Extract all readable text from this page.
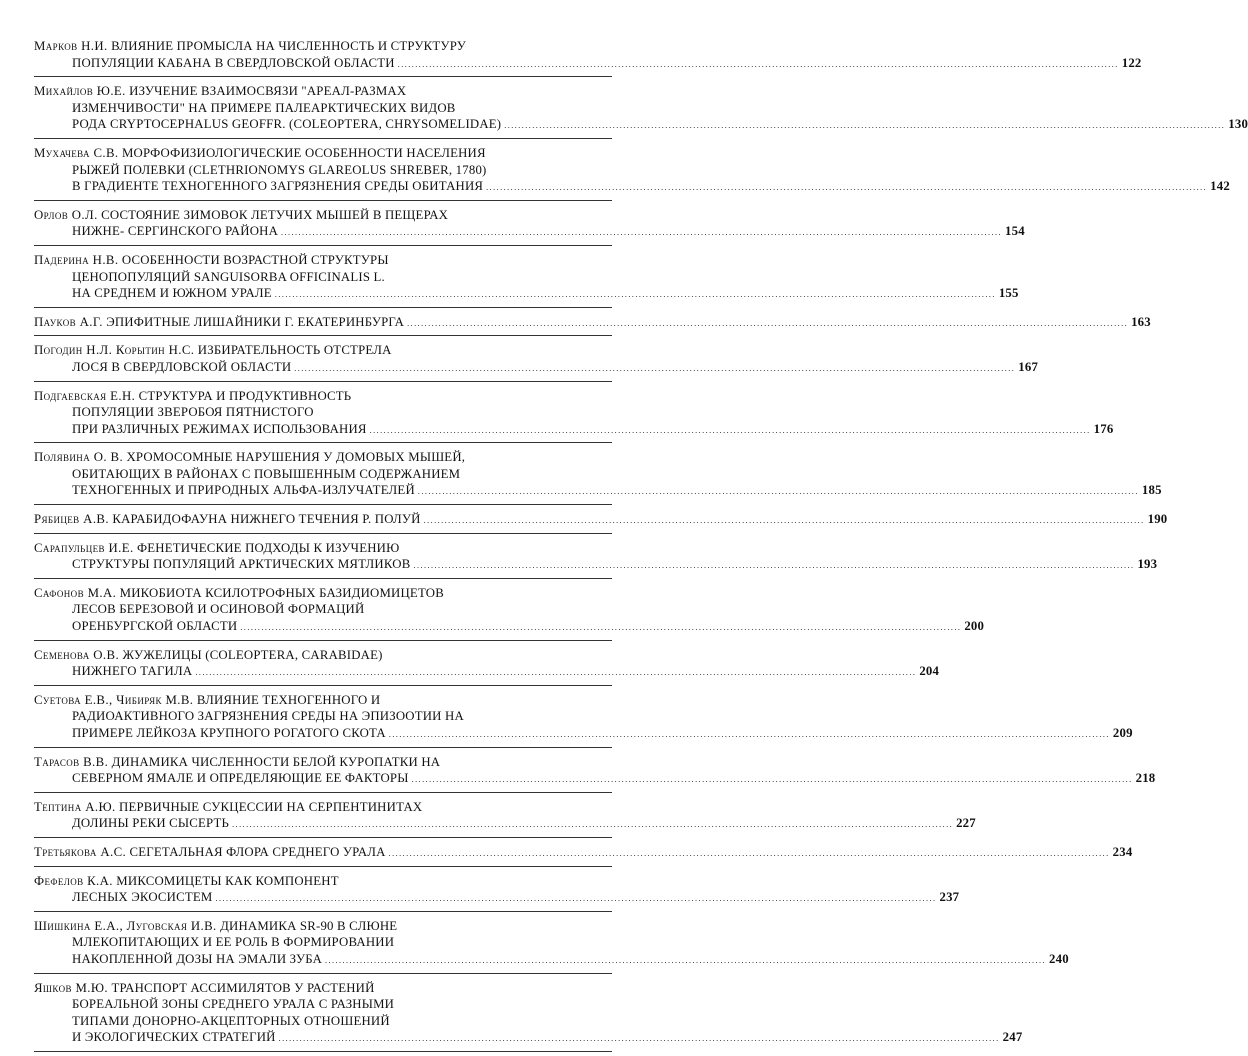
Марков Н.И. ВЛИЯНИЕ ПРОМЫСЛА НА ЧИСЛЕННОСТЬ И СТРУКТУРУ
ПОПУЛЯЦИИ КАБАНА В СВЕРДЛОВСКОЙ ОБЛАСТИ .....	122
Михайлов Ю.Е. ИЗУЧЕНИЕ ВЗАИМОСВЯЗИ "АРЕАЛ-РАЗМАХ
ИЗМЕНЧИВОСТИ" НА ПРИМЕРЕ ПАЛЕАРКТИЧЕСКИХ ВИДОВ
РОДА CRYPTOCEPHALUS GEOFFR. (COLEOPTERA, CHRYSOMELIDAE) .....	130
Мухачева С.В. МОРФОФИЗИОЛОГИЧЕСКИЕ ОСОБЕННОСТИ НАСЕЛЕНИЯ
РЫЖЕЙ ПОЛЕВКИ (CLETHRIONOMYS GLAREOLUS SHREBER, 1780)
В ГРАДИЕНТЕ ТЕХНОГЕННОГО ЗАГРЯЗНЕНИЯ СРЕДЫ ОБИТАНИЯ .....	142
Орлов О.Л. СОСТОЯНИЕ ЗИМОВОК ЛЕТУЧИХ МЫШЕЙ В ПЕЩЕРАХ
НИЖНЕ- СЕРГИНСКОГО РАЙОНА .....	154
Падерина Н.В. ОСОБЕННОСТИ ВОЗРАСТНОЙ СТРУКТУРЫ
ЦЕНОПОПУЛЯЦИЙ SANGUISORBA OFFICINALIS L.
НА СРЕДНЕМ И ЮЖНОМ УРАЛЕ .....	155
Пауков А.Г. ЭПИФИТНЫЕ ЛИШАЙНИКИ Г. ЕКАТЕРИНБУРГА .....	163
Погодин Н.Л. Корытин Н.С. ИЗБИРАТЕЛЬНОСТЬ ОТСТРЕЛА
ЛОСЯ В СВЕРДЛОВСКОЙ ОБЛАСТИ .....	167
Подгаевская Е.Н. СТРУКТУРА И ПРОДУКТИВНОСТЬ
ПОПУЛЯЦИИ ЗВЕРОБОЯ ПЯТНИСТОГО
ПРИ РАЗЛИЧНЫХ РЕЖИМАХ ИСПОЛЬЗОВАНИЯ .....	176
Полявина О. В. ХРОМОСОМНЫЕ НАРУШЕНИЯ У ДОМОВЫХ МЫШЕЙ,
ОБИТАЮЩИХ В РАЙОНАХ С ПОВЫШЕННЫМ СОДЕРЖАНИЕМ
ТЕХНОГЕННЫХ И ПРИРОДНЫХ АЛЬФА-ИЗЛУЧАТЕЛЕЙ .....	185
Рябицев А.В. КАРАБИДОФАУНА НИЖНЕГО ТЕЧЕНИЯ Р. ПОЛУЙ .....	190
Сарапульцев И.Е. ФЕНЕТИЧЕСКИЕ ПОДХОДЫ К ИЗУЧЕНИЮ
СТРУКТУРЫ ПОПУЛЯЦИЙ АРКТИЧЕСКИХ МЯТЛИКОВ .....	193
Сафонов М.А. МИКОБИОТА КСИЛОТРОФНЫХ БАЗИДИОМИЦЕТОВ
ЛЕСОВ БЕРЕЗОВОЙ И ОСИНОВОЙ ФОРМАЦИЙ
ОРЕНБУРГСКОЙ ОБЛАСТИ .....	200
Семенова О.В. ЖУЖЕЛИЦЫ (COLEOPTERA, CARABIDAE)
НИЖНЕГО ТАГИЛА .....	204
Суетова Е.В., Чибиряк М.В. ВЛИЯНИЕ ТЕХНОГЕННОГО И
РАДИОАКТИВНОГО ЗАГРЯЗНЕНИЯ СРЕДЫ НА ЭПИЗООТИИ НА
ПРИМЕРЕ ЛЕЙКОЗА КРУПНОГО РОГАТОГО СКОТА .....	209
Тарасов В.В. ДИНАМИКА ЧИСЛЕННОСТИ БЕЛОЙ КУРОПАТКИ НА
СЕВЕРНОМ ЯМАЛЕ И ОПРЕДЕЛЯЮЩИЕ ЕЕ ФАКТОРЫ .....	218
Тептина А.Ю. ПЕРВИЧНЫЕ СУКЦЕССИИ НА СЕРПЕНТИНИТАХ
ДОЛИНЫ РЕКИ СЫСЕРТЬ .....	227
Третьякова А.С. СЕГЕТАЛЬНАЯ ФЛОРА СРЕДНЕГО УРАЛА .....	234
Фефелов К.А. МИКСОМИЦЕТЫ КАК КОМПОНЕНТ
ЛЕСНЫХ ЭКОСИСТЕМ .....	237
Шишкина Е.А., Луговская И.В. ДИНАМИКА SR-90 В СЛЮНЕ
МЛЕКОПИТАЮЩИХ И ЕЕ РОЛЬ В ФОРМИРОВАНИИ
НАКОПЛЕННОЙ ДОЗЫ НА ЭМАЛИ ЗУБА .....	240
Яшков М.Ю. ТРАНСПОРТ АССИМИЛЯТОВ У РАСТЕНИЙ
БОРЕАЛЬНОЙ ЗОНЫ СРЕДНЕГО УРАЛА С РАЗНЫМИ
ТИПАМИ ДОНОРНО-АКЦЕПТОРНЫХ ОТНОШЕНИЙ
И ЭКОЛОГИЧЕСКИХ СТРАТЕГИЙ .....	247
